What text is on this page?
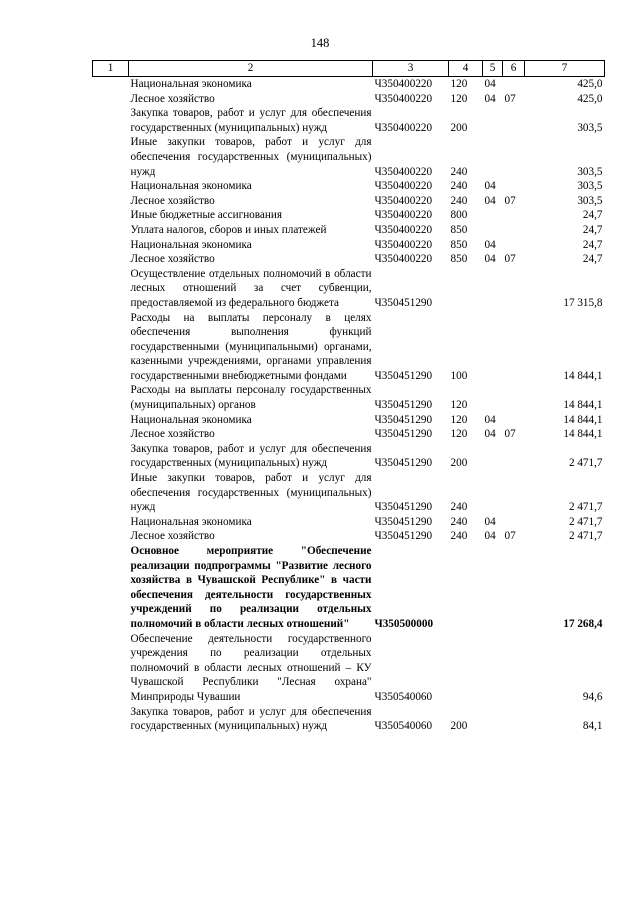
148
1	2	3	4	5	6	7
	Национальная экономика	Ч350400220	120	04		425,0
	Лесное хозяйство	Ч350400220	120	04	07	425,0
	Закупка товаров, работ и услуг для обеспечения государственных (муниципальных) нужд	Ч350400220	200			303,5
	Иные закупки товаров, работ и услуг для обеспечения государственных (муниципальных) нужд	Ч350400220	240			303,5
	Национальная экономика	Ч350400220	240	04		303,5
	Лесное хозяйство	Ч350400220	240	04	07	303,5
	Иные бюджетные ассигнования	Ч350400220	800			24,7
	Уплата налогов, сборов и иных платежей	Ч350400220	850			24,7
	Национальная экономика	Ч350400220	850	04		24,7
	Лесное хозяйство	Ч350400220	850	04	07	24,7
	Осуществление отдельных полномочий в области лесных отношений за счет субвенции, предоставляемой из федерального бюджета	Ч350451290				17 315,8
	Расходы на выплаты персоналу в целях обеспечения выполнения функций государственными (муниципальными) органами, казенными учреждениями, органами управления государственными внебюджетными фондами	Ч350451290	100			14 844,1
	Расходы на выплаты персоналу государственных (муниципальных) органов	Ч350451290	120			14 844,1
	Национальная экономика	Ч350451290	120	04		14 844,1
	Лесное хозяйство	Ч350451290	120	04	07	14 844,1
	Закупка товаров, работ и услуг для обеспечения государственных (муниципальных) нужд	Ч350451290	200			2 471,7
	Иные закупки товаров, работ и услуг для обеспечения государственных (муниципальных) нужд	Ч350451290	240			2 471,7
	Национальная экономика	Ч350451290	240	04		2 471,7
	Лесное хозяйство	Ч350451290	240	04	07	2 471,7
	Основное мероприятие "Обеспечение реализации подпрограммы "Развитие лесного хозяйства в Чувашской Республике" в части обеспечения деятельности государственных учреждений по реализации отдельных полномочий в области лесных отношений"	Ч350500000				17 268,4
	Обеспечение деятельности государственного учреждения по реализации отдельных полномочий в области лесных отношений – КУ Чувашской Республики "Лесная охрана" Минприроды Чувашии	Ч350540060				94,6
	Закупка товаров, работ и услуг для обеспечения государственных (муниципальных) нужд	Ч350540060	200			84,1
